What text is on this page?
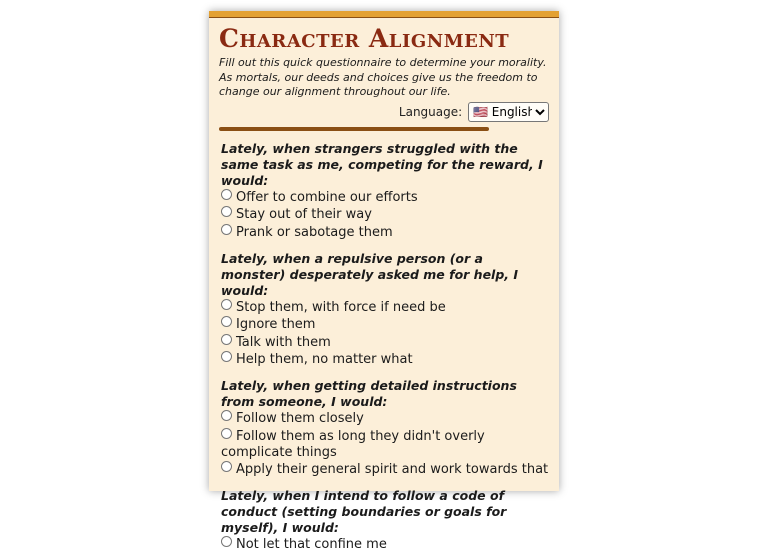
Character Alignment

Fill out this quick questionnaire to determine your morality. As mortals, our deeds and choices give us the freedom to change our alignment throughout our life.

Language:
🇺🇸 English
Lately, when strangers struggled with the same task as me, competing for the reward, I would:
Offer to combine our efforts
Stay out of their way
Prank or sabotage them
Lately, when a repulsive person (or a monster) desperately asked me for help, I would:
Stop them, with force if need be
Ignore them
Talk with them
Help them, no matter what
Lately, when getting detailed instructions from someone, I would:
Follow them closely
Follow them as long they didn't overly complicate things
Apply their general spirit and work towards that
Lately, when I intend to follow a code of conduct (setting boundaries or goals for myself), I would:
Not let that confine me
